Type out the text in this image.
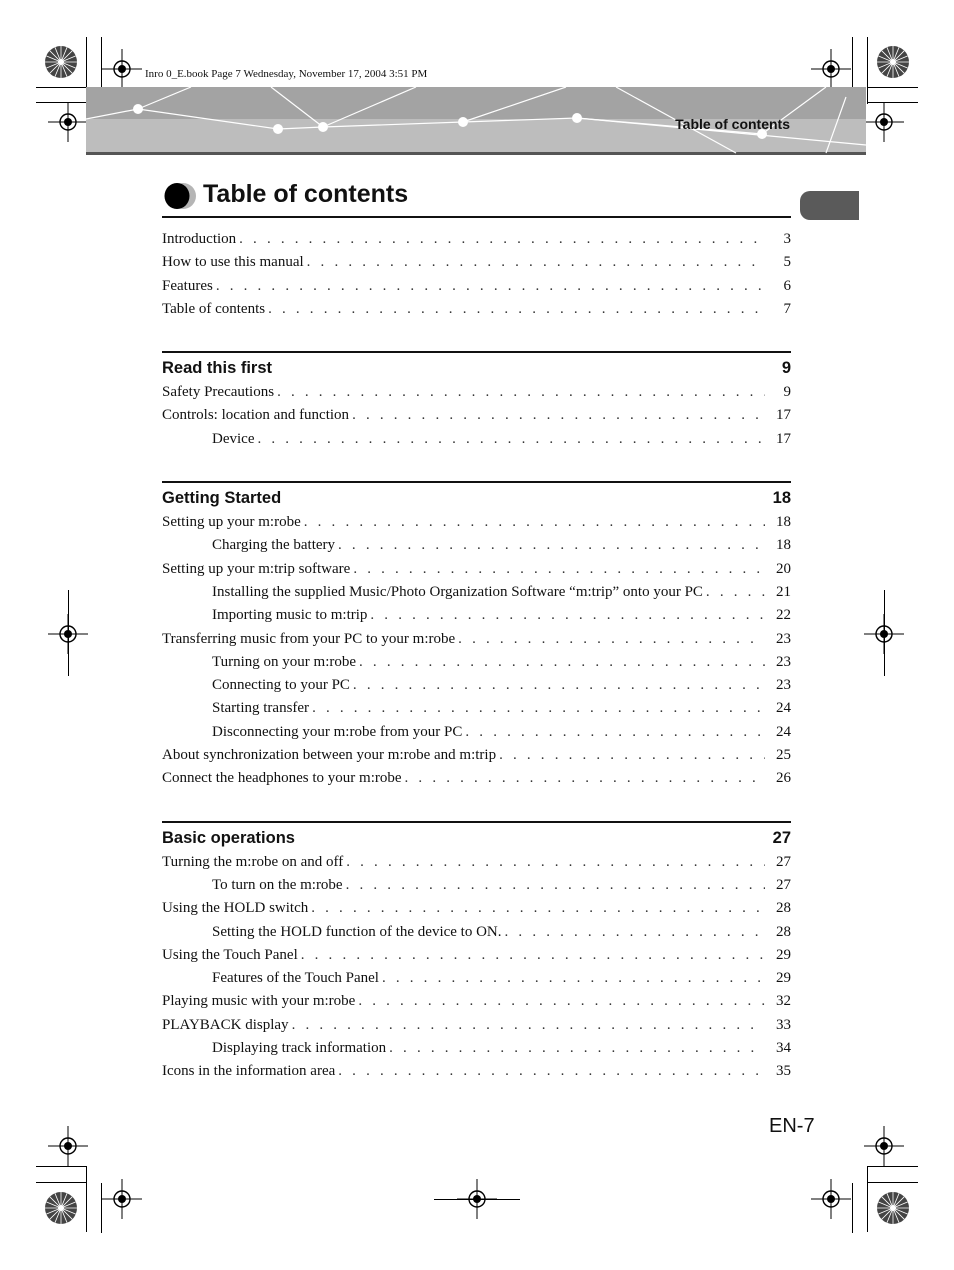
Inro 0_E.book Page 7 Wednesday, November 17, 2004 3:51 PM
Table of contents
Table of contents
Introduction . . .	3
How to use this manual . . .	5
Features . . .	6
Table of contents . . .	7
Read this first	9
Safety Precautions . . .	9
Controls: location and function . . .	17
Device . . .	17
Getting Started	18
Setting up your m:robe . . .	18
Charging the battery . . .	18
Setting up your m:trip software . . .	20
Installing the supplied Music/Photo Organization Software “m:trip” onto your PC . . .	21
Importing music to m:trip . . .	22
Transferring music from your PC to your m:robe . . .	23
Turning on your m:robe . . .	23
Connecting to your PC . . .	23
Starting transfer . . .	24
Disconnecting your m:robe from your PC . . .	24
About synchronization between your m:robe and m:trip . . .	25
Connect the headphones to your m:robe . . .	26
Basic operations	27
Turning the m:robe on and off . . .	27
To turn on the m:robe . . .	27
Using the HOLD switch . . .	28
Setting the HOLD function of the device to ON. . . .	28
Using the Touch Panel . . .	29
Features of the Touch Panel . . .	29
Playing music with your m:robe . . .	32
PLAYBACK display . . .	33
Displaying track information . . .	34
Icons in the information area . . .	35
EN-7
